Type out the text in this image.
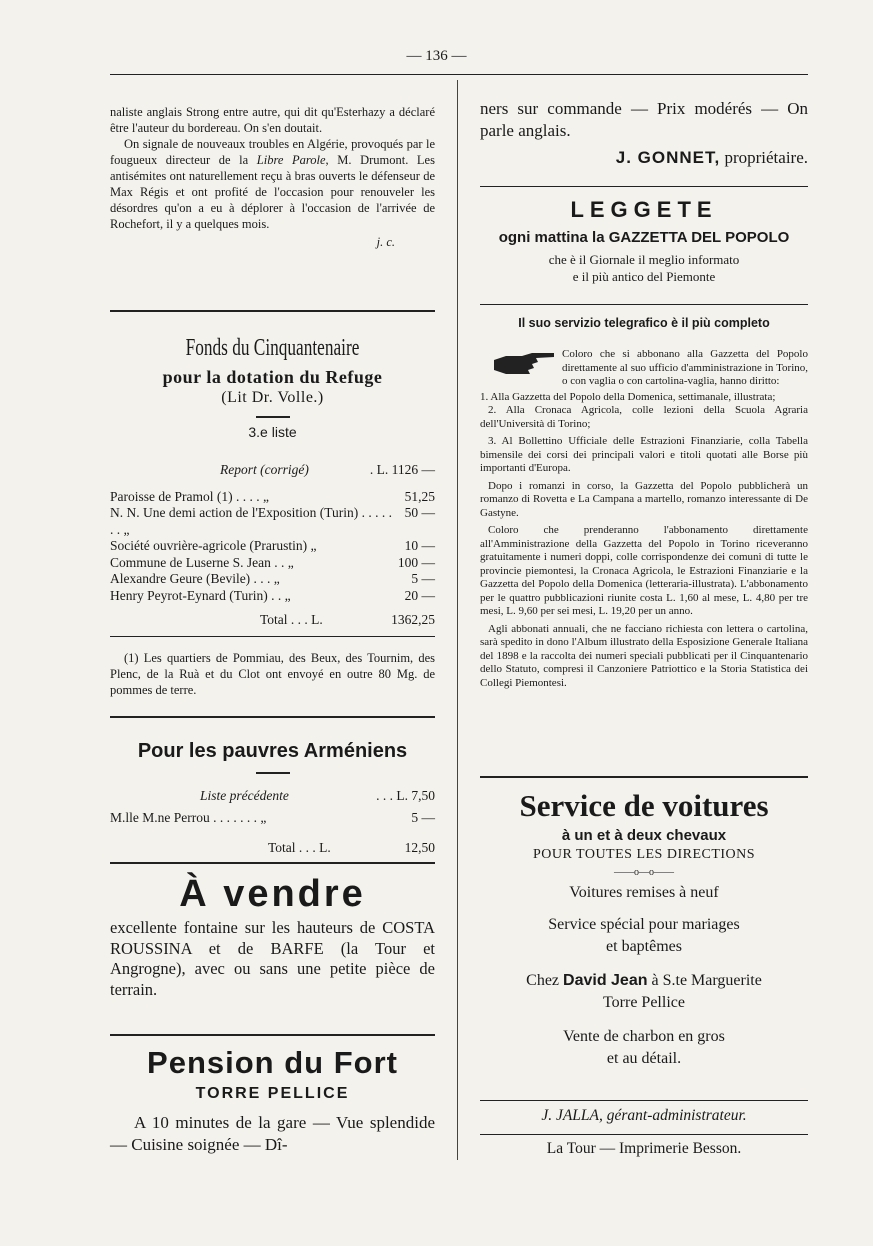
— 136 —
naliste anglais Strong entre autre, qui dit qu'Esterhazy a déclaré être l'auteur du bordereau. On s'en doutait.
On signale de nouveaux troubles en Algérie, provoqués par le fougueux directeur de la Libre Parole, M. Drumont. Les antisémites ont naturellement reçu à bras ouverts le défenseur de Max Régis et ont profité de l'occasion pour renouveler les désordres qu'on a eu à déplorer à l'occasion de l'arrivée de Rochefort, il y a quelques mois.
j. c.
Fonds du Cinquantenaire
pour la dotation du Refuge
(Lit Dr. Volle.)
3.e liste
Report (corrigé)	. L. 1126 —
Paroisse de Pramol (1) . . . . „	51,25
N. N. Une demi action de l'Exposition (Turin) . . . . . . . „
50 —
Société ouvrière-agricole (Prarustin) „	10 —
Commune de Luserne S. Jean . . „	100 —
Alexandre Geure (Bevile) . . . „	5 —
Henry Peyrot-Eynard (Turin) . . „	20 —
Total . . . L.	1362,25
(1) Les quartiers de Pommiau, des Beux, des Tournim, des Plenc, de la Ruà et du Clot ont envoyé en outre 80 Mg. de pommes de terre.
Pour les pauvres Arméniens
Liste précédente	. . . L. 7,50
M.lle M.ne Perrou . . . . . . . „	5 —
Total . . . L.	12,50
À vendre
excellente fontaine sur les hauteurs de COSTA ROUSSINA et de BARFE (la Tour et Angrogne), avec ou sans une petite pièce de terrain.
Pension du Fort
TORRE PELLICE
A 10 minutes de la gare — Vue splendide — Cuisine soignée — Dî-
ners sur commande — Prix modérés — On parle anglais.
J. GONNET, propriétaire.
LEGGETE
ogni mattina la GAZZETTA DEL POPOLO
che è il Giornale il meglio informato
e il più antico del Piemonte
Il suo servizio telegrafico è il più completo
Coloro che si abbonano alla Gazzetta del Popolo direttamente al suo ufficio d'amministrazione in Torino, o con vaglia o con cartolina-vaglia, hanno diritto:
1. Alla Gazzetta del Popolo della Domenica, settimanale, illustrata;
2. Alla Cronaca Agricola, colle lezioni della Scuola Agraria dell'Università di Torino;
3. Al Bollettino Ufficiale delle Estrazioni Finanziarie, colla Tabella bimensile dei corsi dei principali valori e titoli quotati alle Borse più importanti d'Europa.
Dopo i romanzi in corso, la Gazzetta del Popolo pubblicherà un romanzo di Rovetta e La Campana a martello, romanzo interessante di De Gastyne.
Coloro che prenderanno l'abbonamento direttamente all'Amministrazione della Gazzetta del Popolo in Torino riceveranno gratuitamente i numeri doppi, colle corrispondenze dei comuni di tutte le provincie piemontesi, la Cronaca Agricola, le Estrazioni Finanziarie e la Gazzetta del Popolo della Domenica (letteraria-illustrata). L'abbonamento per le quattro pubblicazioni riunite costa L. 1,60 al mese, L. 4,80 per tre mesi, L. 9,60 per sei mesi, L. 19,20 per un anno.
Agli abbonati annuali, che ne facciano richiesta con lettera o cartolina, sarà spedito in dono l'Album illustrato della Esposizione Generale Italiana del 1898 e la raccolta dei numeri speciali pubblicati per il Cinquantenario dello Statuto, compresi il Canzoniere Patriottico e la Storia Statistica dei Collegi Piemontesi.
Service de voitures
à un et à deux chevaux
POUR TOUTES LES DIRECTIONS
——o—o——
Voitures remises à neuf
Service spécial pour mariages
et baptêmes
Chez David Jean à S.te Marguerite
Torre Pellice
Vente de charbon en gros
et au détail.
J. JALLA, gérant-administrateur.
La Tour — Imprimerie Besson.
